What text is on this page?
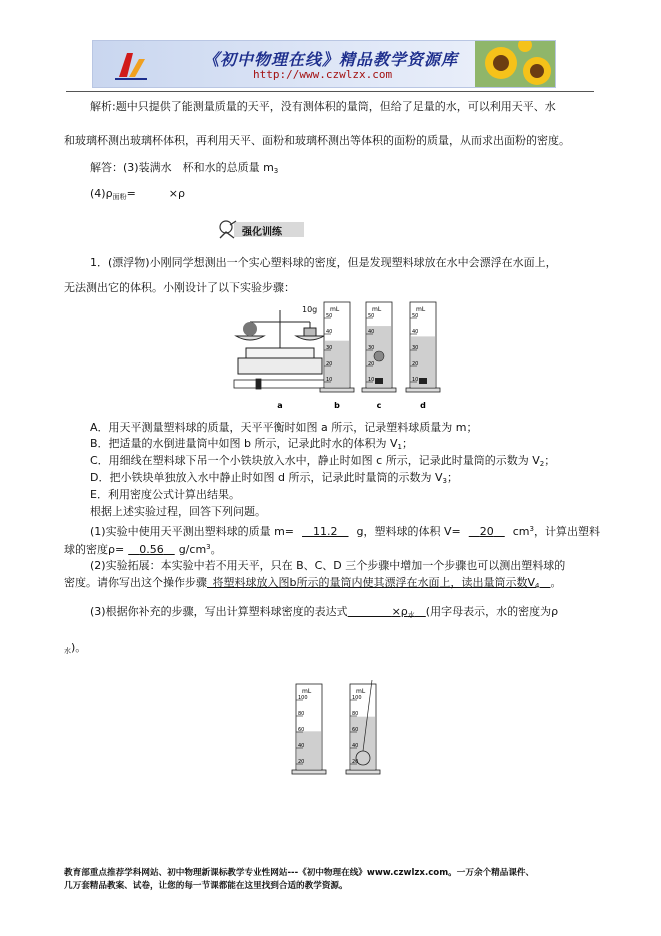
《初中物理在线》精品教学资源库
http://www.czwlzx.com
解析:题中只提供了能测量质量的天平，没有测体积的量筒，但给了足量的水，可以利用天平、水
和玻璃杯测出玻璃杯体积，再利用天平、面粉和玻璃杯测出等体积的面粉的质量，从而求出面粉的密度。
解答：(3)装满水　杯和水的总质量 $m_3$
$(4)\rho_{面粉}=$　　　×ρ
强化训练
1．(漂浮物)小刚同学想测出一个实心塑料球的密度，但是发现塑料球放在水中会漂浮在水面上，
无法测出它的体积。小刚设计了以下实验步骤：
10g mL
50
40
30
20
10
mL
50
40
30
20
10
mL
50
40
30
20
10
a	b	c	d
A．用天平测量塑料球的质量，天平平衡时如图 a 所示，记录塑料球质量为 m；
B．把适量的水倒进量筒中如图 b 所示，记录此时水的体积为 $V_1$；
C．用细线在塑料球下吊一个小铁块放入水中，静止时如图 c 所示，记录此时量筒的示数为 $V_2$；
D．把小铁块单独放入水中静止时如图 d 所示，记录此时量筒的示数为 $V_3$；
E．利用密度公式计算出结果。
根据上述实验过程，回答下列问题。
(1)实验中使用天平测出塑料球的质量 m=  11.2  g，塑料球的体积 V=  20  $cm^3$，计算出塑料
球的密度ρ=  0.56  $g/cm^3$。
(2)实验拓展：本实验中若不用天平，只在 B、C、D 三个步骤中增加一个步骤也可以测出塑料球的
密度。请你写出这个操作步骤  将塑料球放入图b所示的量筒内使其漂浮在水面上，读出量筒示数$V_4$  。
(3)根据你补充的步骤，写出计算塑料球密度的表达式    	$\times\rho_水$  (用字母表示，水的密度为ρ
$_水$)。
mL
100
80
60
40
20
mL
100
80
60
40
20
教育部重点推荐学科网站、初中物理新课标教学专业性网站---《初中物理在线》www.czwlzx.com。一万余个精品课件、
几万套精品教案、试卷，让您的每一节课都能在这里找到合适的教学资源。
